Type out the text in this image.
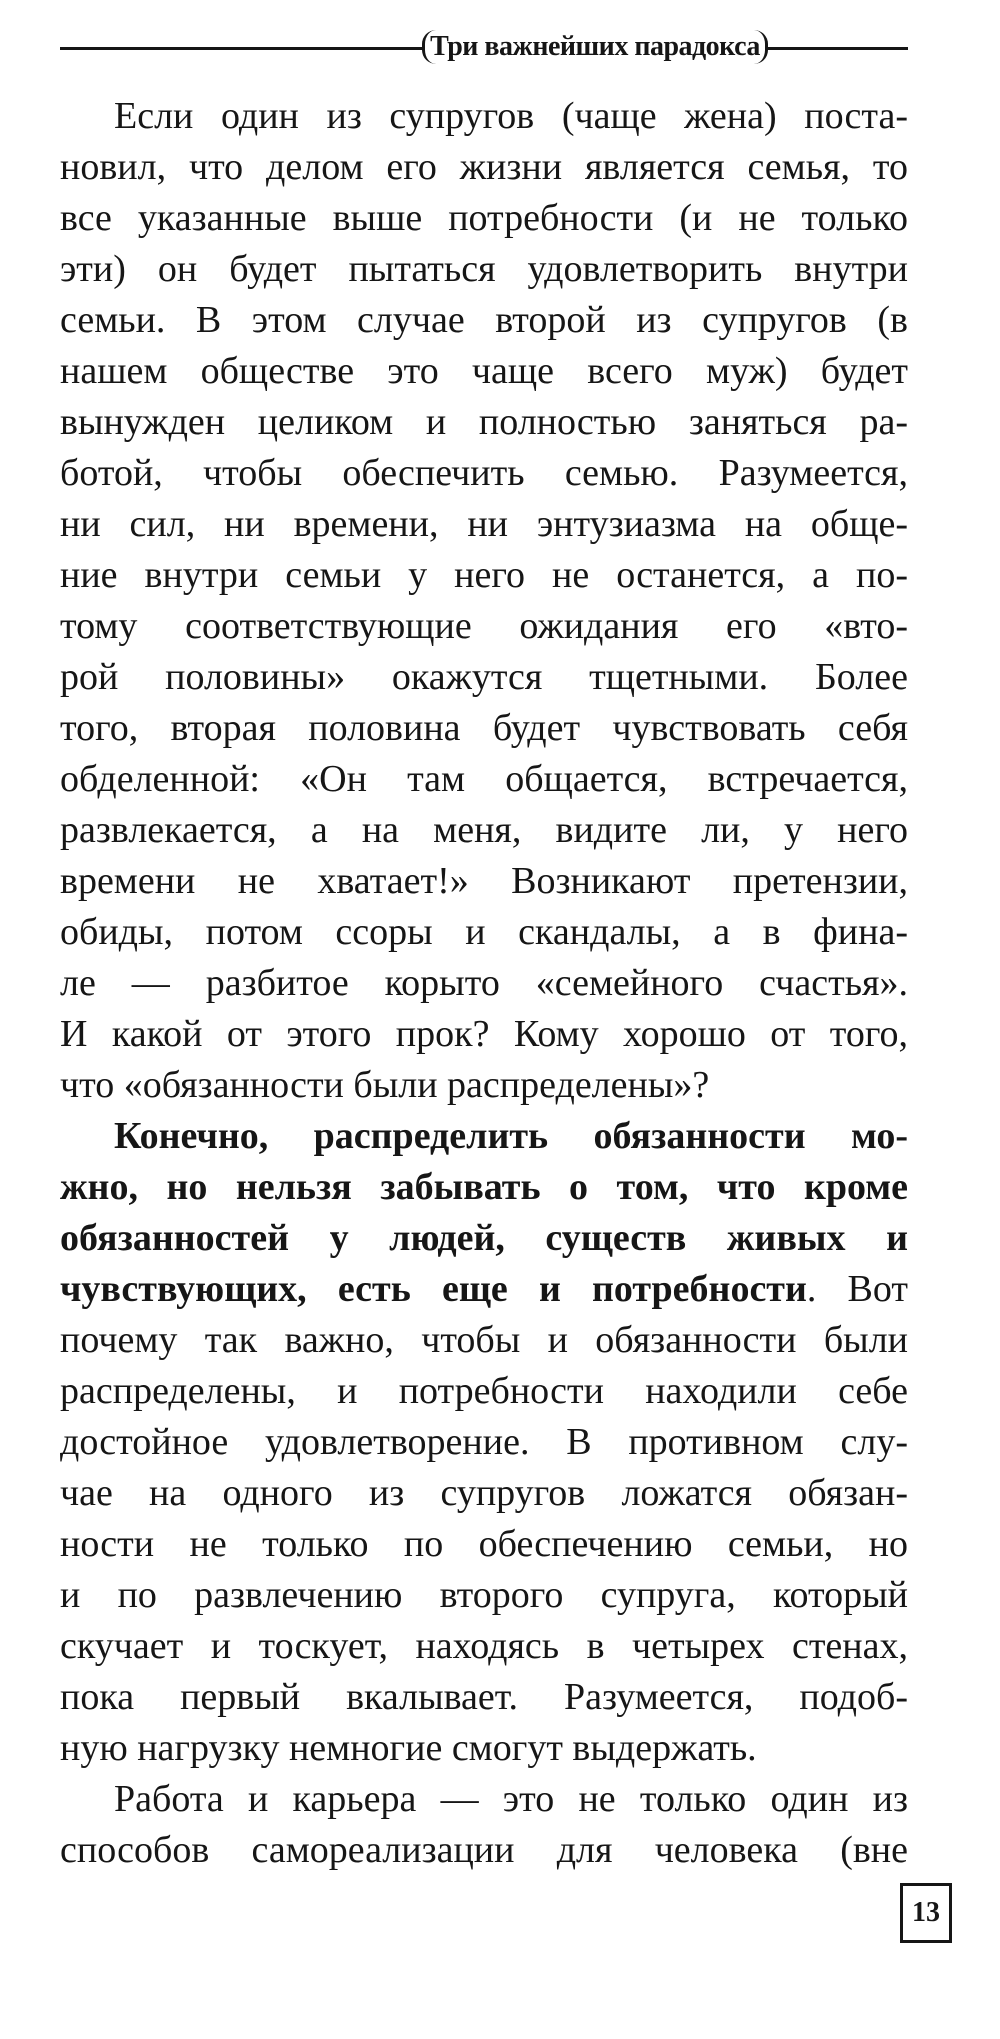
Три важнейших парадокса
Если один из супругов (чаще жена) поста-
новил, что делом его жизни является семья, то
все указанные выше потребности (и не только
эти) он будет пытаться удовлетворить внутри
семьи. В этом случае второй из супругов (в
нашем обществе это чаще всего муж) будет
вынужден целиком и полностью заняться ра-
ботой, чтобы обеспечить семью. Разумеется,
ни сил, ни времени, ни энтузиазма на обще-
ние внутри семьи у него не останется, а по-
тому соответствующие ожидания его «вто-
рой половины» окажутся тщетными. Более
того, вторая половина будет чувствовать себя
обделенной: «Он там общается, встречается,
развлекается, а на меня, видите ли, у него
времени не хватает!» Возникают претензии,
обиды, потом ссоры и скандалы, а в фина-
ле — разбитое корыто «семейного счастья».
И какой от этого прок? Кому хорошо от того,
что «обязанности были распределены»?
Конечно, распределить обязанности мо-
жно, но нельзя забывать о том, что кроме
обязанностей у людей, существ живых и
чувствующих, есть еще и потребности. Вот
почему так важно, чтобы и обязанности были
распределены, и потребности находили себе
достойное удовлетворение. В противном слу-
чае на одного из супругов ложатся обязан-
ности не только по обеспечению семьи, но
и по развлечению второго супруга, который
скучает и тоскует, находясь в четырех стенах,
пока первый вкалывает. Разумеется, подоб-
ную нагрузку немногие смогут выдержать.
Работа и карьера — это не только один из
способов самореализации для человека (вне
13
